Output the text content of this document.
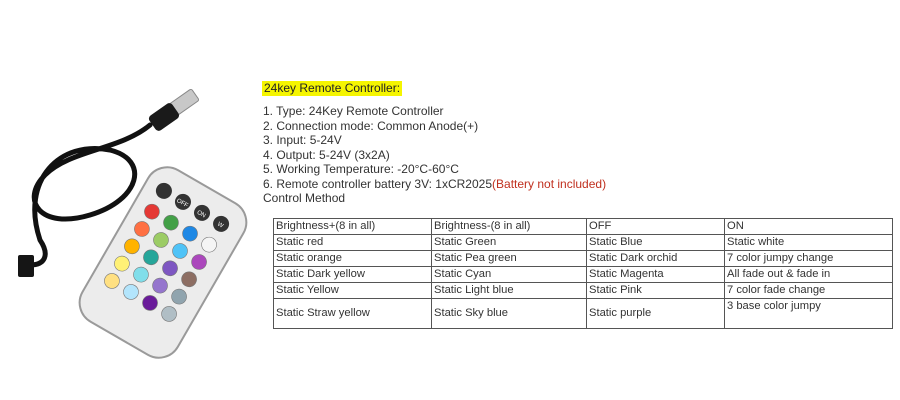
OFF
ON
W
24key Remote Controller:
1. Type: 24Key Remote Controller
2. Connection mode: Common Anode(+)
3. Input: 5-24V
4. Output: 5-24V (3x2A)
5. Working Temperature: -20°C-60°C
6. Remote controller battery 3V: 1xCR2025(Battery not included)
Control Method
Brightness+(8 in all)	Brightness-(8 in all)	OFF	ON
Static red	Static Green	Static Blue	Static white
Static orange	Static Pea green	Static Dark orchid	7 color jumpy change
Static Dark yellow	Static Cyan	Static Magenta	All fade out & fade in
Static Yellow	Static Light blue	Static Pink	7 color fade change
Static Straw yellow	Static Sky blue	Static purple	3 base color jumpy
